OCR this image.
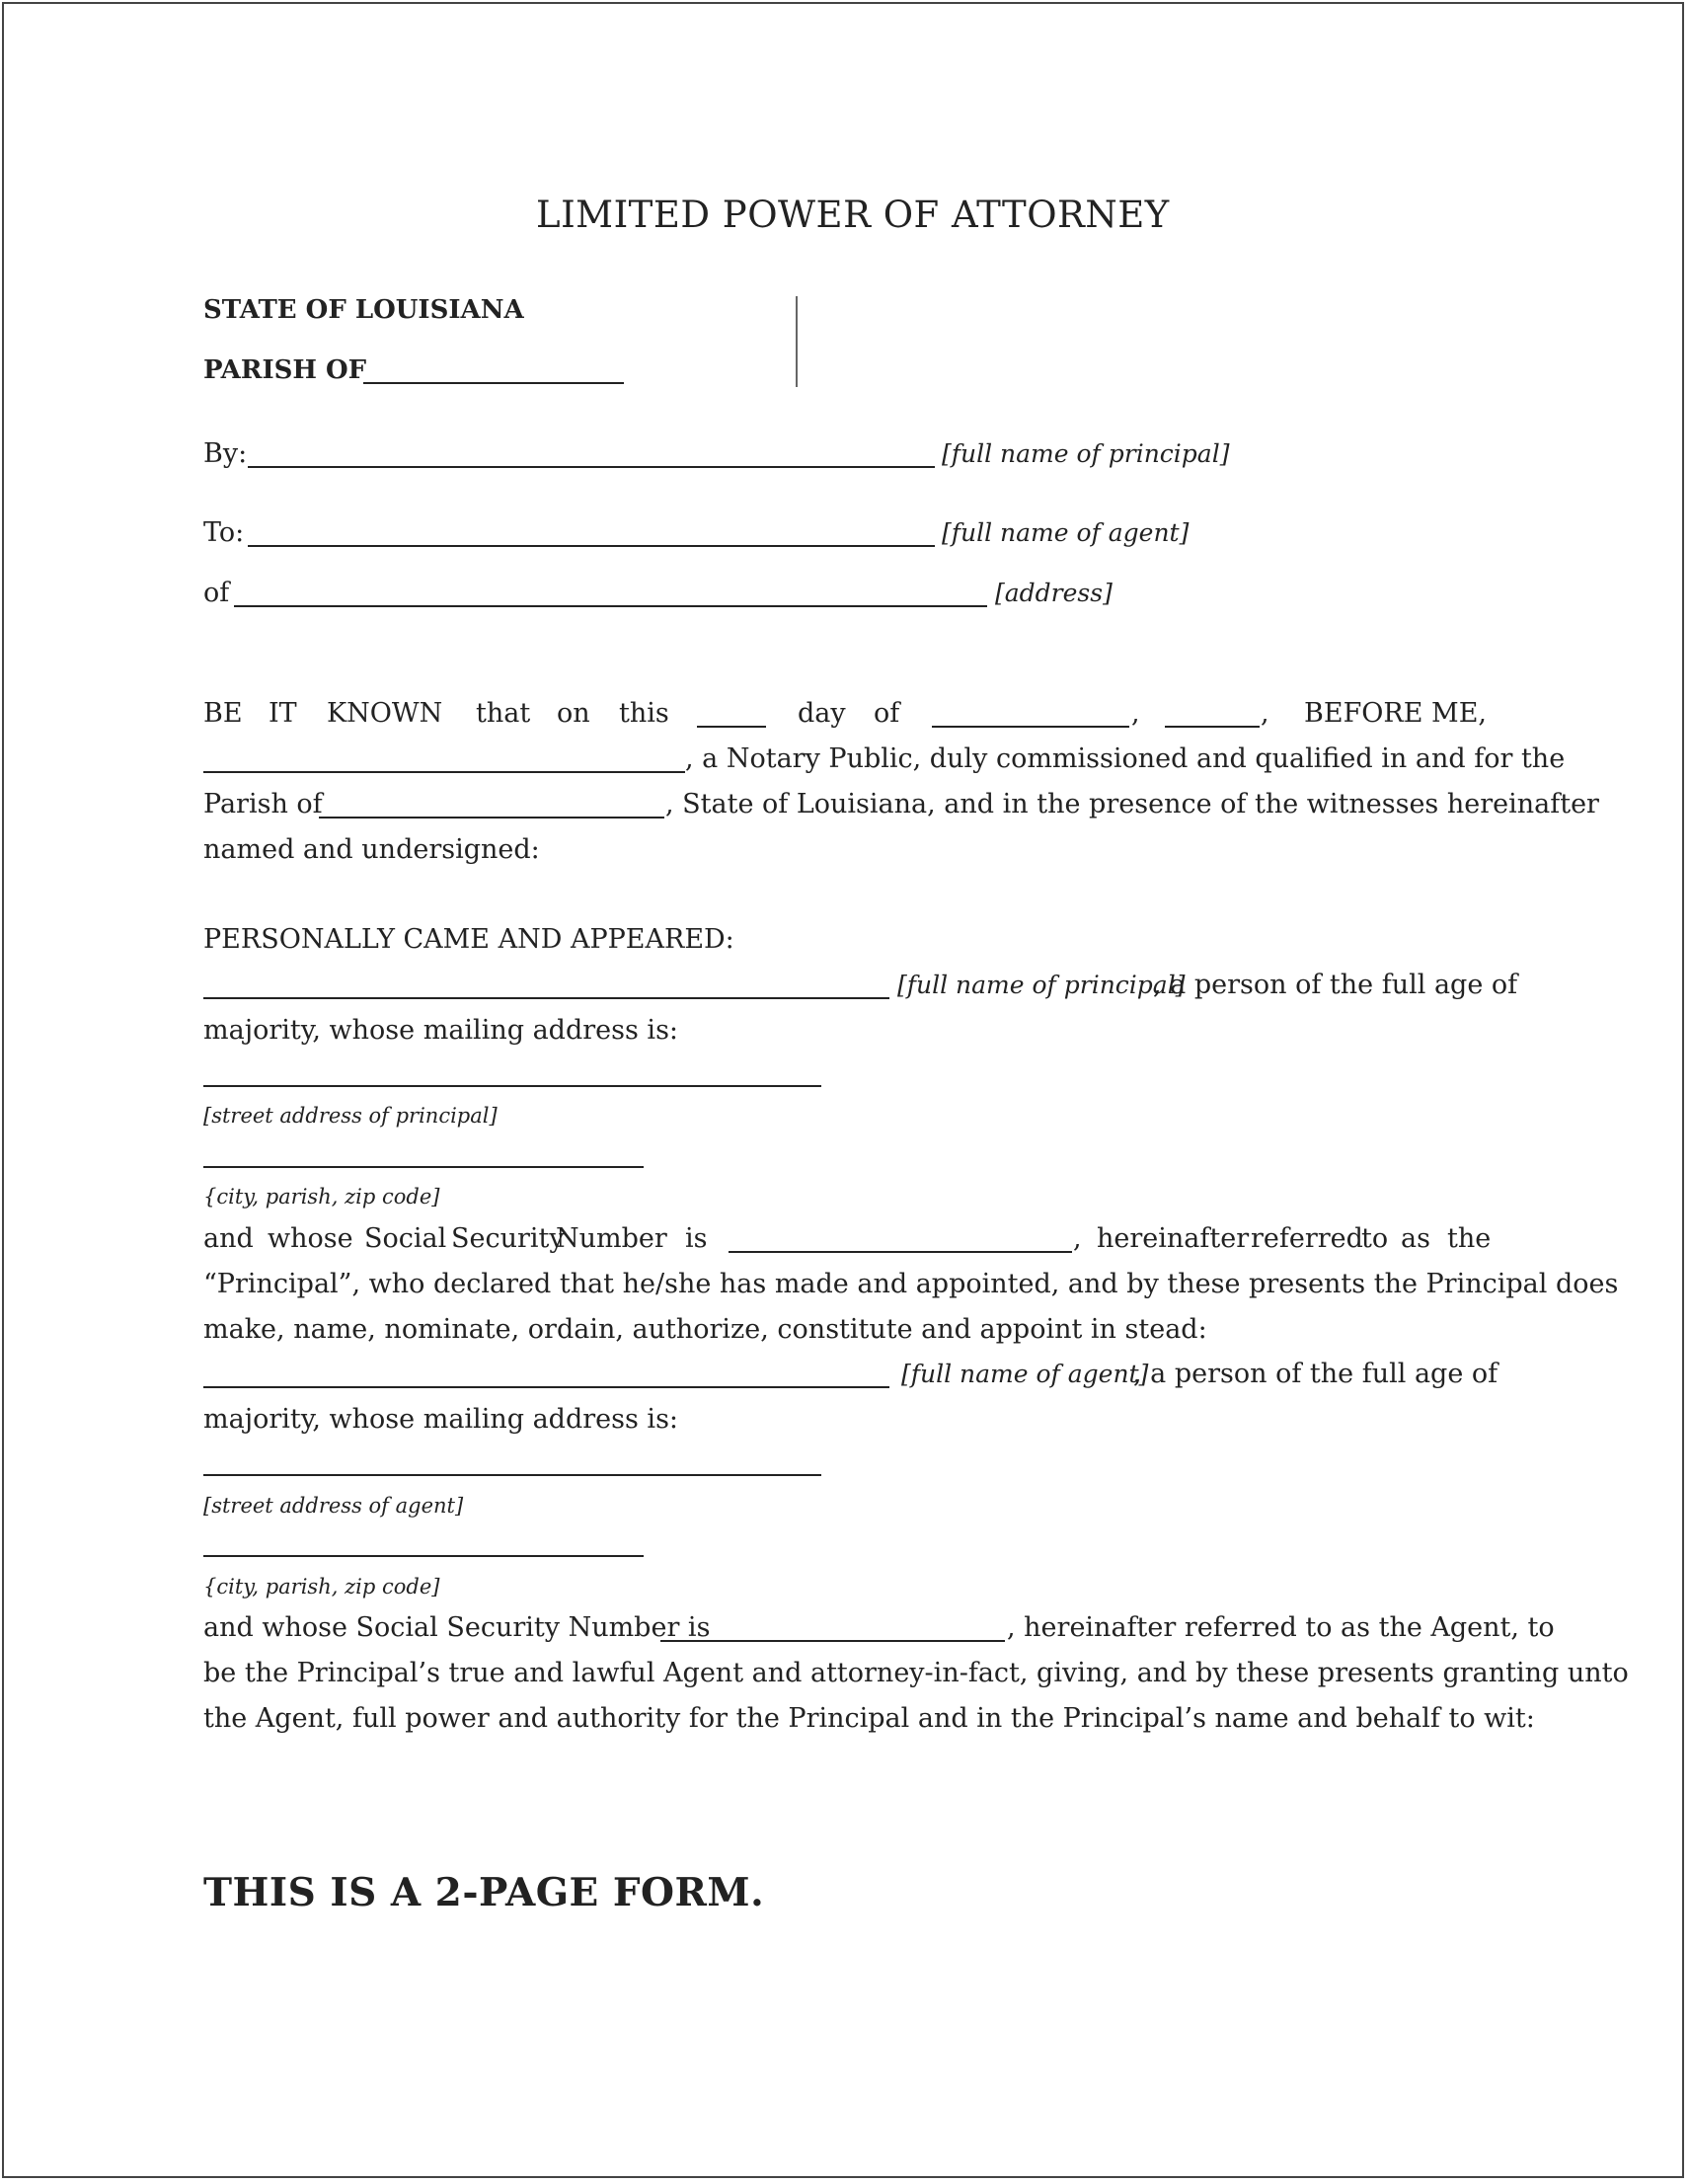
LIMITED POWER OF ATTORNEY
STATE OF LOUISIANA
PARISH OF
By:	[full name of principal]
To:	[full name of agent]
of	[address]
BE IT KNOWN that on this	day of	,	, BEFORE ME,
, a Notary Public, duly commissioned and qualified in and for the
Parish of	, State of Louisiana, and in the presence of the witnesses hereinafter
named and undersigned:
PERSONALLY CAME AND APPEARED:
[full name of principal]
, a person of the full age of
majority, whose mailing address is:
[street address of principal]
{city, parish, zip code]
and whose Social Security
Number is	, hereinafter referred
to as the
“Principal”, who declared that he/she has made and appointed, and by these presents the Principal does
make, name, nominate, ordain, authorize, constitute and appoint in stead:
[full name of agent]
, a person of the full age of
majority, whose mailing address is:
[street address of agent]
{city, parish, zip code]
and whose Social Security Number is	, hereinafter referred to as the Agent, to
be the Principal’s true and lawful Agent and attorney-in-fact, giving, and by these presents granting unto
the Agent, full power and authority for the Principal and in the Principal’s name and behalf to wit:
THIS IS A 2-PAGE FORM.
